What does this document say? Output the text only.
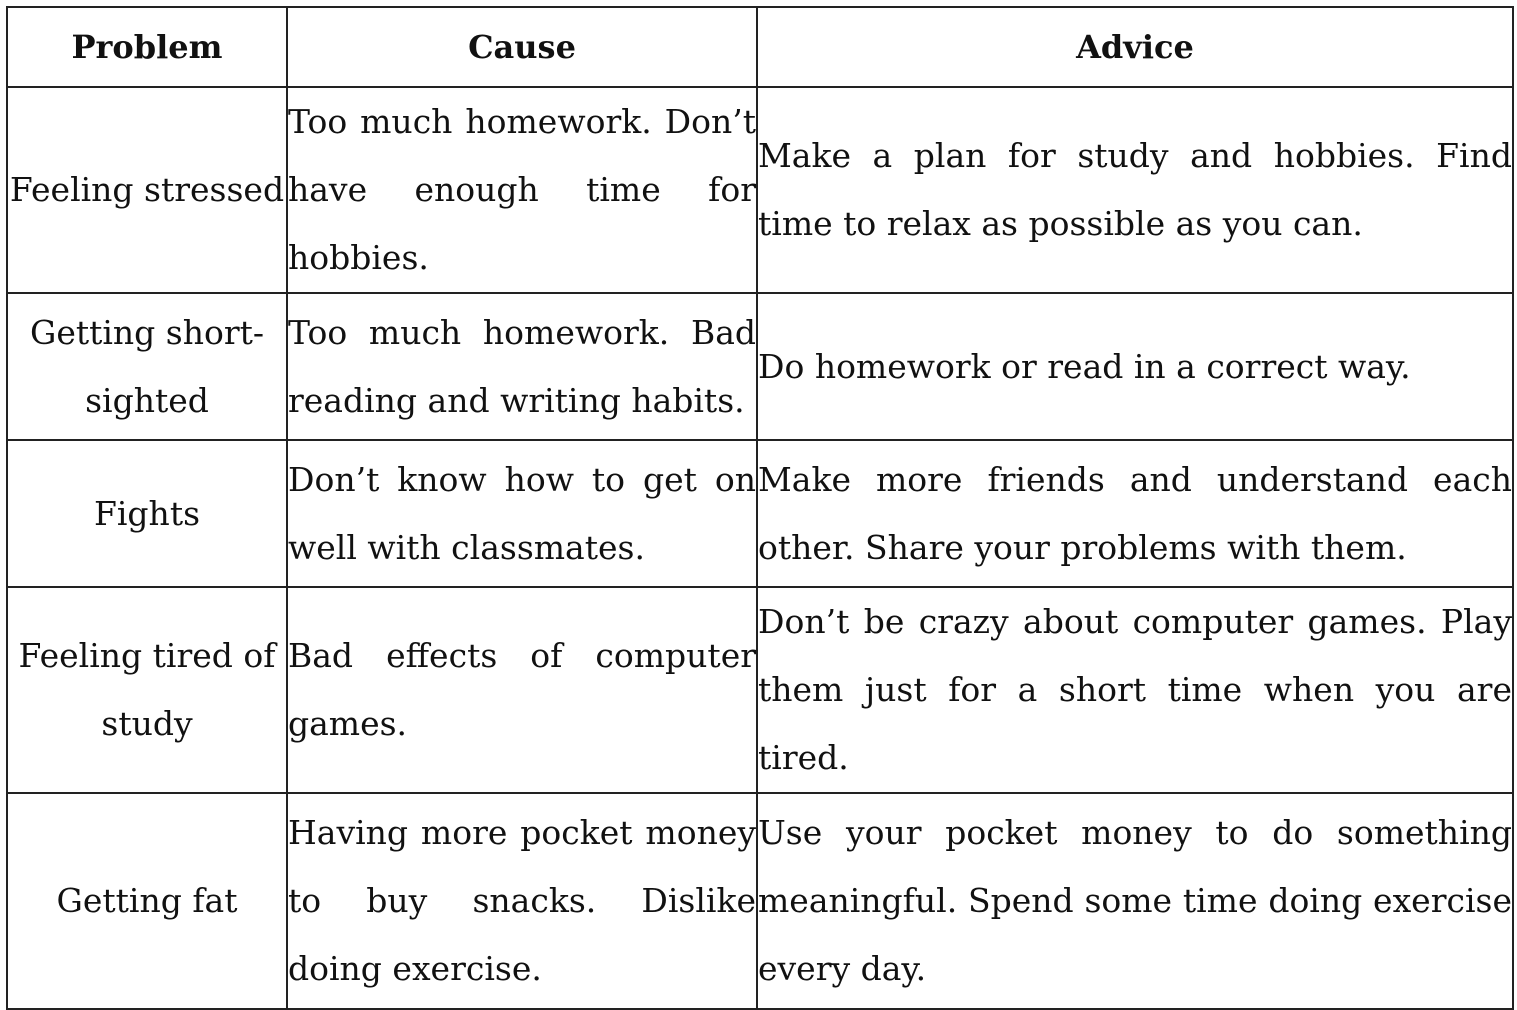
Problem	Cause	Advice
Feeling stressed	Too much homework. Don’t have enough time for hobbies.	Make a plan for study and hobbies. Find time to relax as possible as you can.
Getting short-sighted	Too much homework. Bad reading and writing habits.	Do homework or read in a correct way.
Fights	Don’t know how to get on well with classmates.	Make more friends and understand each other. Share your problems with them.
Feeling tired of study	Bad effects of computer games.	Don’t be crazy about computer games. Play them just for a short time when you are tired.
Getting fat	Having more pocket money to buy snacks. Dislike doing exercise.	Use your pocket money to do something meaningful. Spend some time doing exercise every day.
